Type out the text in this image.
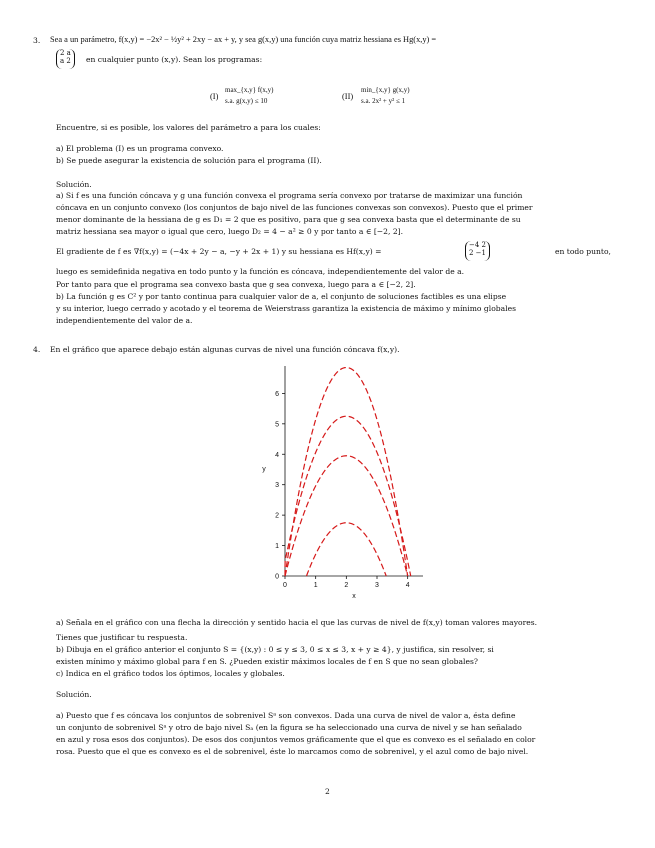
3. Sea a un parámetro, f(x,y) = −2x² − ½y² + 2xy − ax + y, y sea g(x,y) una función cuya matriz hessiana es Hg(x,y) =
2 a
a 2 en cualquier punto (x,y). Sean los programas:
(I)
max_{x,y} f(x,y)
s.a. g(x,y) ≤ 10	(II)
min_{x,y} g(x,y)
s.a. 2x² + y² ≤ 1
Encuentre, si es posible, los valores del parámetro a para los cuales:
a) El problema (I) es un programa convexo.
b) Se puede asegurar la existencia de solución para el programa (II).
Solución.
a) Si f es una función cóncava y g una función convexa el programa sería convexo por tratarse de maximizar una función
cóncava en un conjunto convexo (los conjuntos de bajo nivel de las funciones convexas son convexos). Puesto que el primer
menor dominante de la hessiana de g es D₁ = 2 que es positivo, para que g sea convexa basta que el determinante de su
matriz hessiana sea mayor o igual que cero, luego D₂ = 4 − a² ≥ 0 y por tanto a ∈ [−2, 2].
El gradiente de f es ∇f(x,y) = (−4x + 2y − a, −y + 2x + 1) y su hessiana es Hf(x,y) =
−4 2
2 −1	en todo punto,
luego es semidefinida negativa en todo punto y la función es cóncava, independientemente del valor de a.
Por tanto para que el programa sea convexo basta que g sea convexa, luego para a ∈ [−2, 2].
b) La función g es C² y por tanto continua para cualquier valor de a, el conjunto de soluciones factibles es una elipse
y su interior, luego cerrado y acotado y el teorema de Weierstrass garantiza la existencia de máximo y mínimo globales
independientemente del valor de a.
4. En el gráfico que aparece debajo están algunas curvas de nivel una función cóncava f(x,y).
0	1	2	3	4
0
1
2
3
4
5
6
x
y
a) Señala en el gráfico con una flecha la dirección y sentido hacia el que las curvas de nivel de f(x,y) toman valores mayores.
Tienes que justificar tu respuesta.
b) Dibuja en el gráfico anterior el conjunto S = {(x,y) : 0 ≤ y ≤ 3, 0 ≤ x ≤ 3, x + y ≥ 4}, y justifica, sin resolver, si
existen mínimo y máximo global para f en S. ¿Pueden existir máximos locales de f en S que no sean globales?
c) Indica en el gráfico todos los óptimos, locales y globales.
Solución.
a) Puesto que f es cóncava los conjuntos de sobrenivel Sᵃ son convexos. Dada una curva de nivel de valor a, ésta define
un conjunto de sobrenivel Sᵃ y otro de bajo nivel Sₐ (en la figura se ha seleccionado una curva de nivel y se han señalado
en azul y rosa esos dos conjuntos). De esos dos conjuntos vemos gráficamente que el que es convexo es el señalado en color
rosa. Puesto que el que es convexo es el de sobrenivel, éste lo marcamos como de sobrenivel, y el azul como de bajo nivel.
2
